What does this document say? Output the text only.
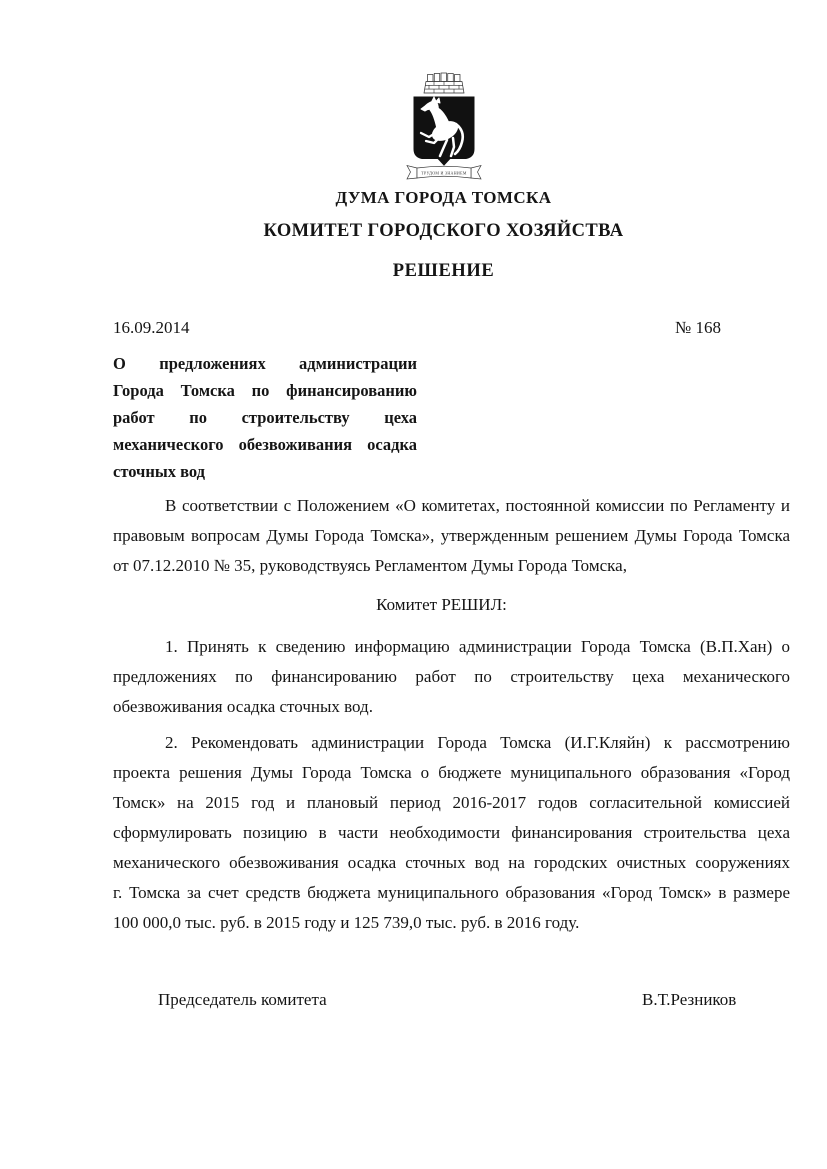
ТРУДОМ И ЗНАНИЕМ
ДУМА ГОРОДА ТОМСКА
КОМИТЕТ ГОРОДСКОГО ХОЗЯЙСТВА
РЕШЕНИЕ
16.09.2014	№ 168
О предложениях администрации
Города Томска по финансированию
работ по строительству цеха
механического обезвоживания осадка
сточных вод
В соответствии с Положением «О комитетах, постоянной комиссии по Регламенту и
правовым вопросам Думы Города Томска», утвержденным решением Думы Города Томска
от 07.12.2010 № 35, руководствуясь Регламентом Думы Города Томска,
Комитет РЕШИЛ:
1. Принять к сведению информацию администрации Города Томска (В.П.Хан) о
предложениях по финансированию работ по строительству цеха механического
обезвоживания осадка сточных вод.
2. Рекомендовать администрации Города Томска (И.Г.Кляйн) к рассмотрению
проекта решения Думы Города Томска о бюджете муниципального образования «Город
Томск» на 2015 год и плановый период 2016-2017 годов согласительной комиссией
сформулировать позицию в части необходимости финансирования строительства цеха
механического обезвоживания осадка сточных вод на городских очистных сооружениях
г. Томска за счет средств бюджета муниципального образования «Город Томск» в размере
100 000,0 тыс. руб. в 2015 году и 125 739,0 тыс. руб. в 2016 году.
Председатель комитета	В.Т.Резников
